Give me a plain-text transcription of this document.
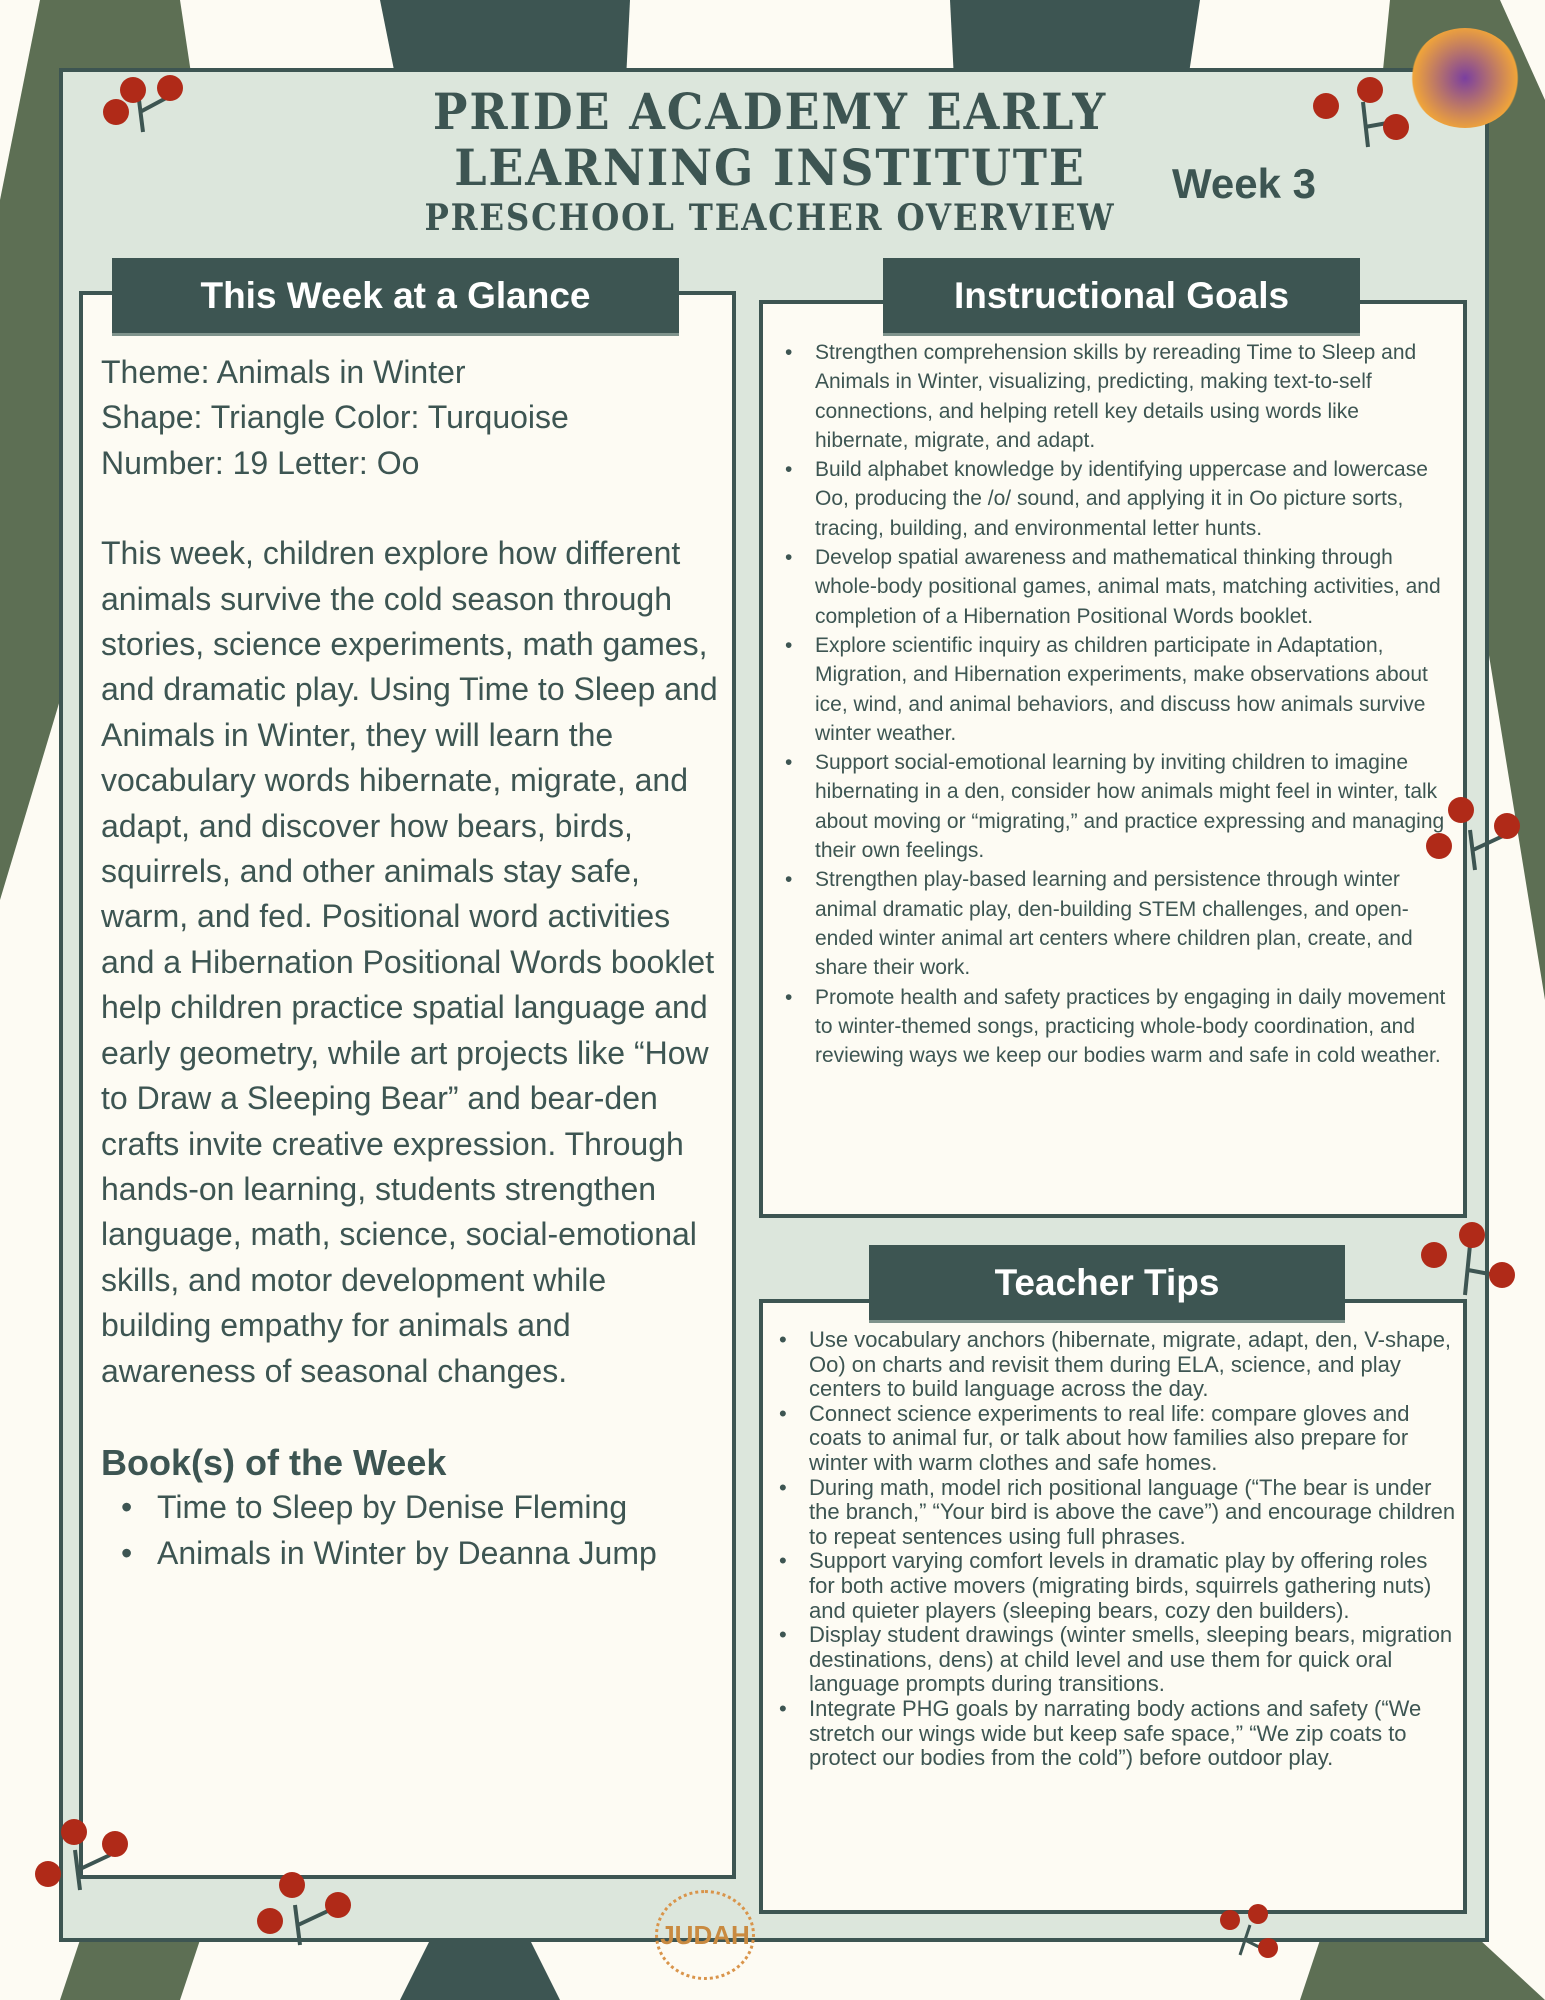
PRIDE ACADEMY EARLY
LEARNING INSTITUTE
PRESCHOOL TEACHER OVERVIEW
Week 3
This Week at a Glance

Theme: Animals in Winter

Shape: Triangle Color: Turquoise

Number: 19 Letter: Oo

This week, children explore how different animals survive the cold season through stories, science experiments, math games, and dramatic play. Using Time to Sleep and Animals in Winter, they will learn the vocabulary words hibernate, migrate, and adapt, and discover how bears, birds, squirrels, and other animals stay safe, warm, and fed. Positional word activities and a Hibernation Positional Words booklet help children practice spatial language and early geometry, while art projects like “How to Draw a Sleeping Bear” and bear-den crafts invite creative expression. Through hands-on learning, students strengthen language, math, science, social-emotional skills, and motor development while building empathy for animals and awareness of seasonal changes.

Book(s) of the Week

• Time to Sleep by Denise Fleming
• Animals in Winter by Deanna Jump
Instructional Goals
• Strengthen comprehension skills by rereading Time to Sleep and Animals in Winter, visualizing, predicting, making text-to-self connections, and helping retell key details using words like hibernate, migrate, and adapt.
• Build alphabet knowledge by identifying uppercase and lowercase Oo, producing the /o/ sound, and applying it in Oo picture sorts, tracing, building, and environmental letter hunts.
• Develop spatial awareness and mathematical thinking through whole-body positional games, animal mats, matching activities, and completion of a Hibernation Positional Words booklet.
• Explore scientific inquiry as children participate in Adaptation, Migration, and Hibernation experiments, make observations about ice, wind, and animal behaviors, and discuss how animals survive winter weather.
• Support social-emotional learning by inviting children to imagine hibernating in a den, consider how animals might feel in winter, talk about moving or “migrating,” and practice expressing and managing their own feelings.
• Strengthen play-based learning and persistence through winter animal dramatic play, den-building STEM challenges, and open-ended winter animal art centers where children plan, create, and share their work.
• Promote health and safety practices by engaging in daily movement to winter-themed songs, practicing whole-body coordination, and reviewing ways we keep our bodies warm and safe in cold weather.
Teacher Tips
• Use vocabulary anchors (hibernate, migrate, adapt, den, V-shape, Oo) on charts and revisit them during ELA, science, and play centers to build language across the day.
• Connect science experiments to real life: compare gloves and coats to animal fur, or talk about how families also prepare for winter with warm clothes and safe homes.
• During math, model rich positional language (“The bear is under the branch,” “Your bird is above the cave”) and encourage children to repeat sentences using full phrases.
• Support varying comfort levels in dramatic play by offering roles for both active movers (migrating birds, squirrels gathering nuts) and quieter players (sleeping bears, cozy den builders).
• Display student drawings (winter smells, sleeping bears, migration destinations, dens) at child level and use them for quick oral language prompts during transitions.
• Integrate PHG goals by narrating body actions and safety (“We stretch our wings wide but keep safe space,” “We zip coats to protect our bodies from the cold”) before outdoor play.
JUDAH
